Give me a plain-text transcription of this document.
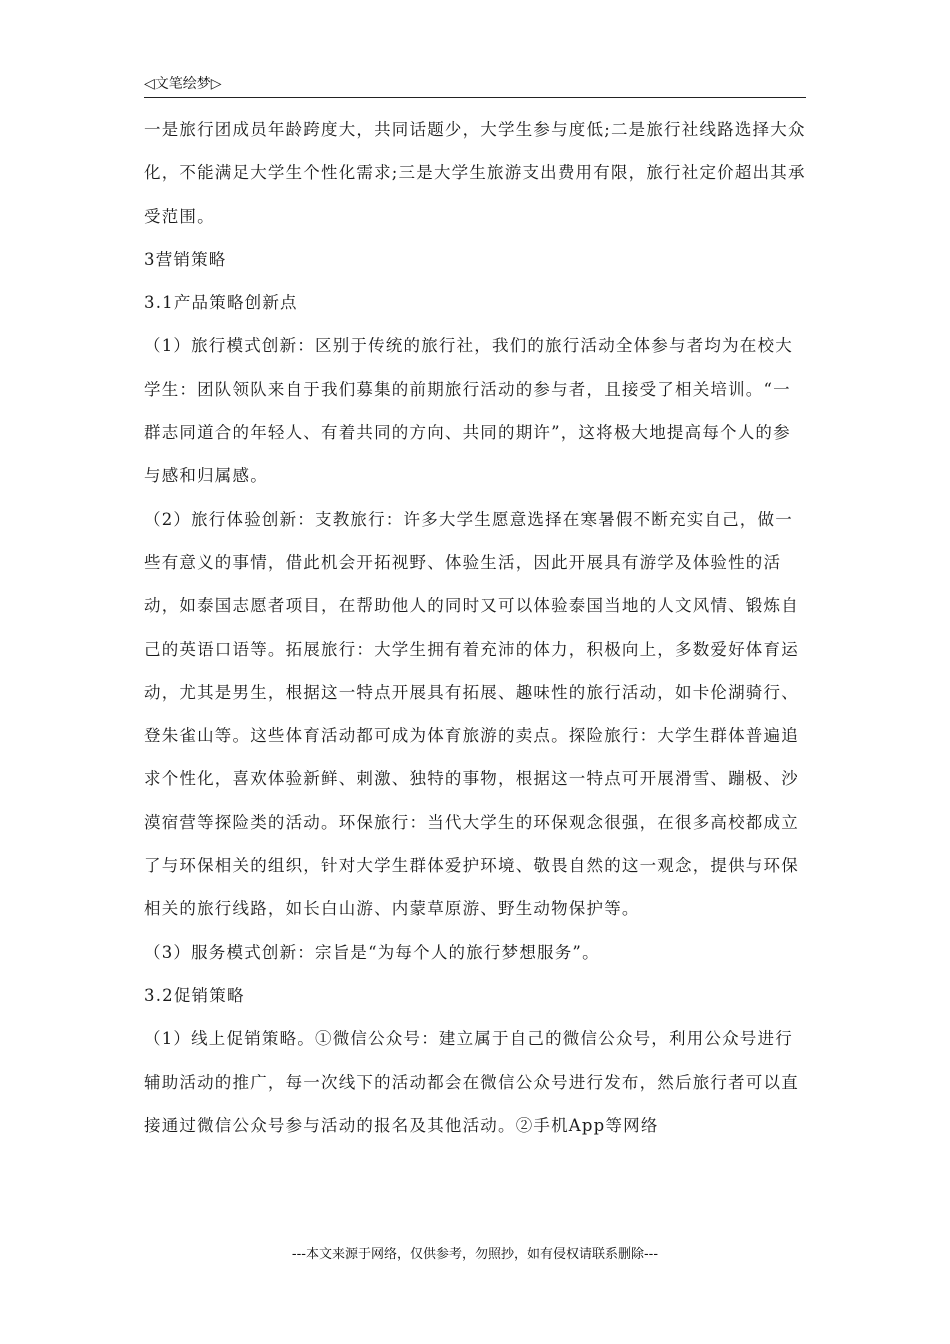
◁文笔绘梦▷

一是旅行团成员年龄跨度大，共同话题少，大学生参与度低;二是旅行社线路选择大众化，不能满足大学生个性化需求;三是大学生旅游支出费用有限，旅行社定价超出其承受范围。

3营销策略

3.1产品策略创新点

（1）旅行模式创新：区别于传统的旅行社，我们的旅行活动全体参与者均为在校大学生：团队领队来自于我们募集的前期旅行活动的参与者，且接受了相关培训。“一群志同道合的年轻人、有着共同的方向、共同的期许”，这将极大地提高每个人的参与感和归属感。

（2）旅行体验创新：支教旅行：许多大学生愿意选择在寒暑假不断充实自己，做一些有意义的事情，借此机会开拓视野、体验生活，因此开展具有游学及体验性的活动，如泰国志愿者项目，在帮助他人的同时又可以体验泰国当地的人文风情、锻炼自己的英语口语等。拓展旅行：大学生拥有着充沛的体力，积极向上，多数爱好体育运动，尤其是男生，根据这一特点开展具有拓展、趣味性的旅行活动，如卡伦湖骑行、登朱雀山等。这些体育活动都可成为体育旅游的卖点。探险旅行：大学生群体普遍追求个性化，喜欢体验新鲜、刺激、独特的事物，根据这一特点可开展滑雪、蹦极、沙漠宿营等探险类的活动。环保旅行：当代大学生的环保观念很强，在很多高校都成立了与环保相关的组织，针对大学生群体爱护环境、敬畏自然的这一观念，提供与环保相关的旅行线路，如长白山游、内蒙草原游、野生动物保护等。

（3）服务模式创新：宗旨是“为每个人的旅行梦想服务”。

3.2促销策略

（1）线上促销策略。①微信公众号：建立属于自己的微信公众号，利用公众号进行辅助活动的推广，每一次线下的活动都会在微信公众号进行发布，然后旅行者可以直接通过微信公众号参与活动的报名及其他活动。②手机App等网络

---本文来源于网络，仅供参考，勿照抄，如有侵权请联系删除---
